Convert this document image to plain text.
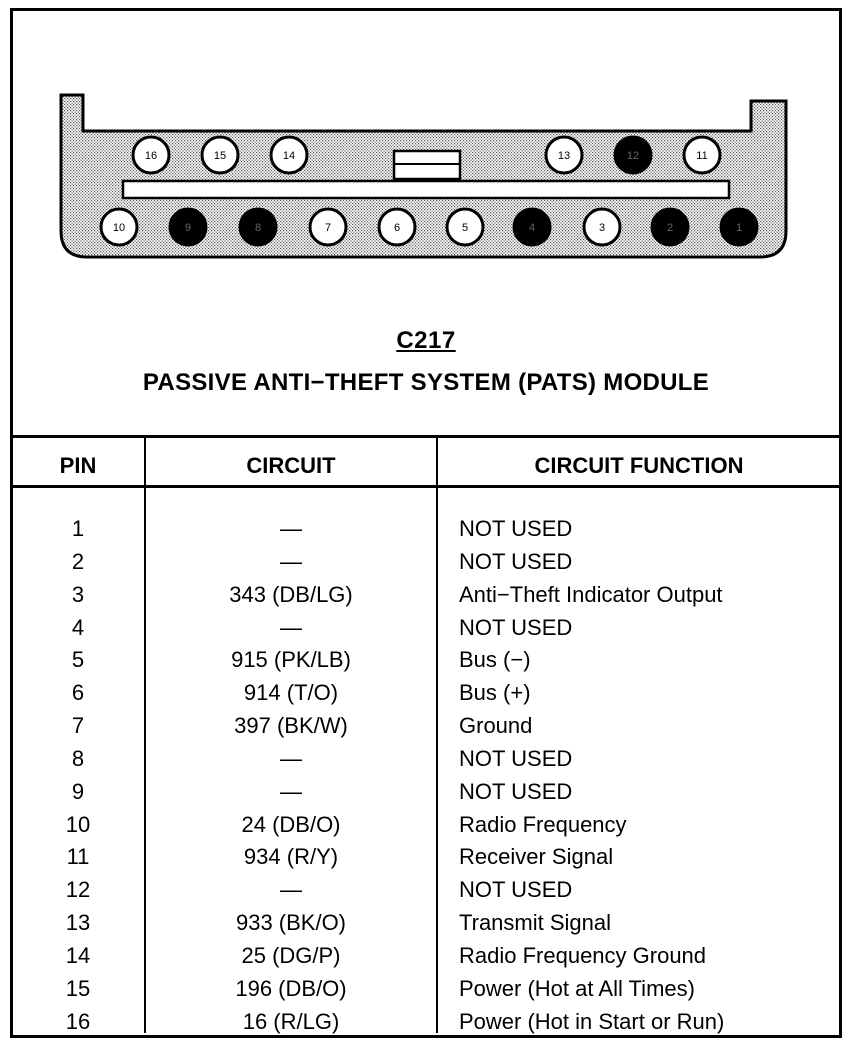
16	15	14	13	12	11
10	9	8	7	6	5	4	3	2	1
C217
PASSIVE ANTI−THEFT SYSTEM (PATS) MODULE
PIN	CIRCUIT	CIRCUIT FUNCTION
1	—	NOT USED
2	—	NOT USED
3	343 (DB/LG)	Anti−Theft Indicator Output
4	—	NOT USED
5	915 (PK/LB)	Bus (−)
6	914 (T/O)	Bus (+)
7	397 (BK/W)	Ground
8	—	NOT USED
9	—	NOT USED
10	24 (DB/O)	Radio Frequency
11	934 (R/Y)	Receiver Signal
12	—	NOT USED
13	933 (BK/O)	Transmit Signal
14	25 (DG/P)	Radio Frequency Ground
15	196 (DB/O)	Power (Hot at All Times)
16	16 (R/LG)	Power (Hot in Start or Run)
